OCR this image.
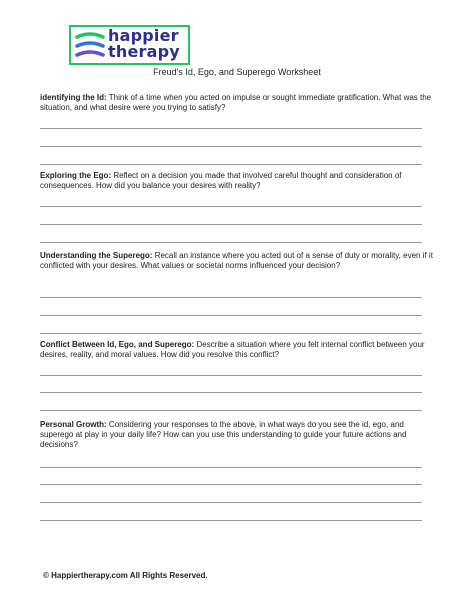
happier
therapy
Freud's Id, Ego, and Superego Worksheet

identifying the Id: Think of a time when you acted on impulse or sought immediate gratification. What was the situation, and what desire were you trying to satisfy?

Exploring the Ego: Reflect on a decision you made that involved careful thought and consideration of consequences. How did you balance your desires with reality?

Understanding the Superego: Recall an instance where you acted out of a sense of duty or morality, even if it conflicted with your desires. What values or societal norms influenced your decision?

Conflict Between Id, Ego, and Superego: Describe a situation where you felt internal conflict between your desires, reality, and moral values. How did you resolve this conflict?

Personal Growth: Considering your responses to the above, in what ways do you see the id, ego, and superego at play in your daily life? How can you use this understanding to guide your future actions and decisions?

© Happiertherapy.com All Rights Reserved.
